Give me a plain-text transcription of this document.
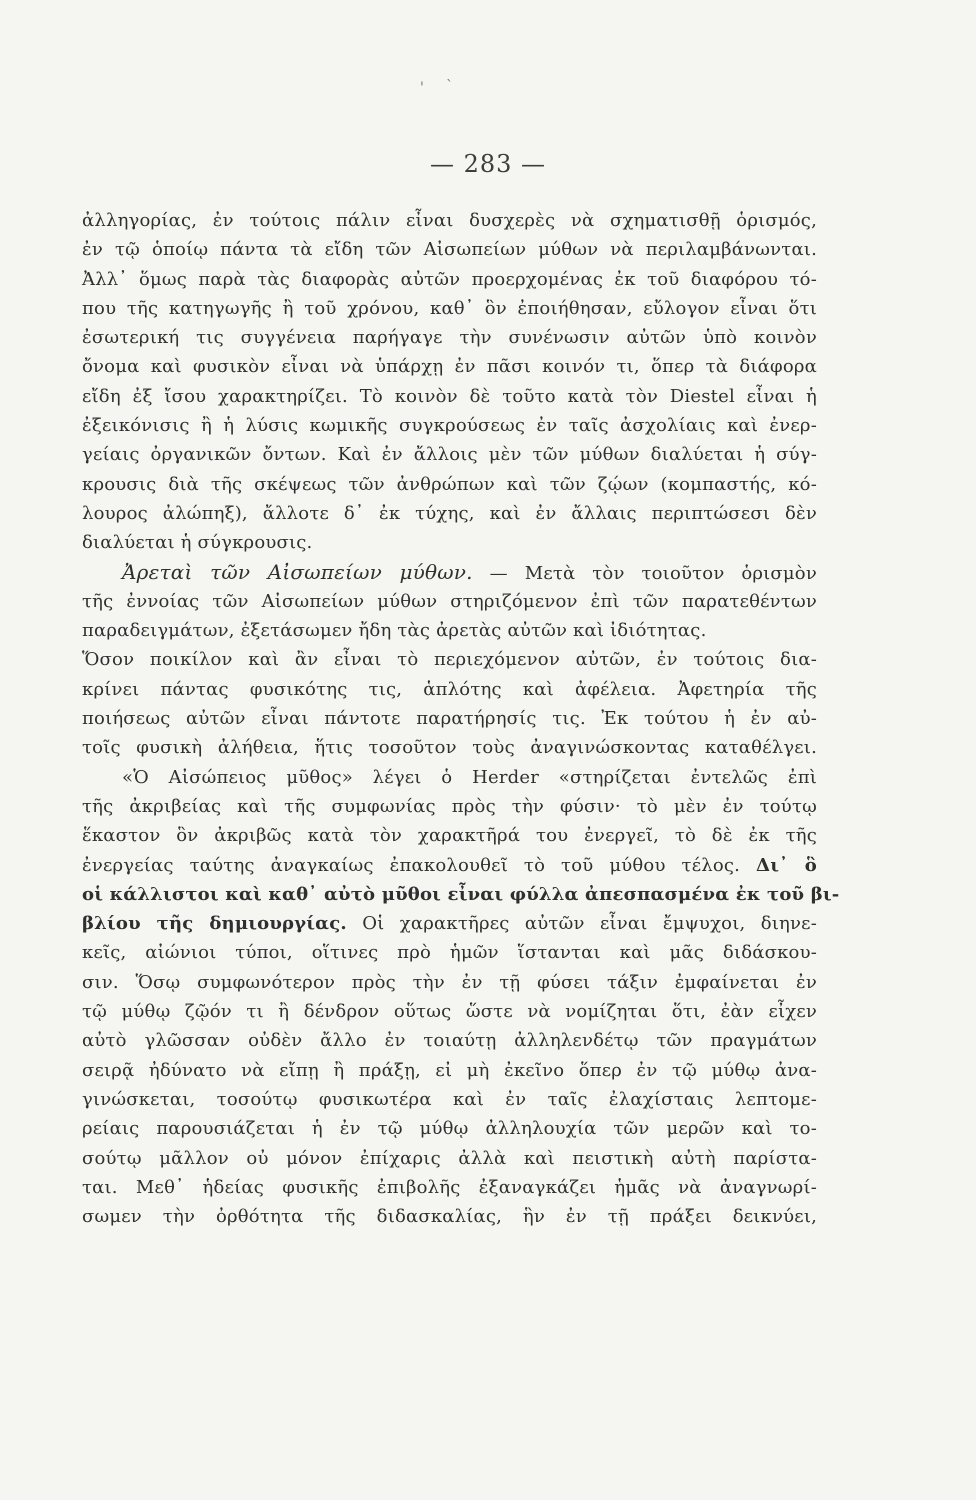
ˎ
'
— 283 —
ἀλληγορίας, ἐν τούτοις πάλιν εἶναι δυσχερὲς νὰ σχηματισθῇ ὁρισμός,
ἐν τῷ ὁποίῳ πάντα τὰ εἴδη τῶν Αἰσωπείων μύθων νὰ περιλαμβάνωνται.
Ἀλλ᾽ ὅμως παρὰ τὰς διαφορὰς αὐτῶν προερχομένας ἐκ τοῦ διαφόρου τό-
που τῆς κατηγωγῆς ἢ τοῦ χρόνου, καθ᾽ ὃν ἐποιήθησαν, εὔλογον εἶναι ὅτι
ἐσωτερική τις συγγένεια παρήγαγε τὴν συνένωσιν αὐτῶν ὑπὸ κοινὸν
ὄνομα καὶ φυσικὸν εἶναι νὰ ὑπάρχῃ ἐν πᾶσι κοινόν τι, ὅπερ τὰ διάφορα
εἴδη ἐξ ἴσου χαρακτηρίζει. Τὸ κοινὸν δὲ τοῦτο κατὰ τὸν Diestel εἶναι ἡ
ἐξεικόνισις ἢ ἡ λύσις κωμικῆς συγκρούσεως ἐν ταῖς ἀσχολίαις καὶ ἐνερ-
γείαις ὀργανικῶν ὄντων. Καὶ ἐν ἄλλοις μὲν τῶν μύθων διαλύεται ἡ σύγ-
κρουσις διὰ τῆς σκέψεως τῶν ἀνθρώπων καὶ τῶν ζῴων (κομπαστής, κό-
λουρος ἀλώπηξ), ἄλλοτε δ᾽ ἐκ τύχης, καὶ ἐν ἄλλαις περιπτώσεσι δὲν
διαλύεται ἡ σύγκρουσις.
Ἀρεταὶ τῶν Αἰσωπείων μύθων. — Μετὰ τὸν τοιοῦτον ὁρισμὸν
τῆς ἐννοίας τῶν Αἰσωπείων μύθων στηριζόμενον ἐπὶ τῶν παρατεθέντων
παραδειγμάτων, ἐξετάσωμεν ἤδη τὰς ἀρετὰς αὐτῶν καὶ ἰδιότητας.
Ὅσον ποικίλον καὶ ἂν εἶναι τὸ περιεχόμενον αὐτῶν, ἐν τούτοις δια-
κρίνει πάντας φυσικότης τις, ἁπλότης καὶ ἀφέλεια. Ἀφετηρία τῆς
ποιήσεως αὐτῶν εἶναι πάντοτε παρατήρησίς τις. Ἐκ τούτου ἡ ἐν αὐ-
τοῖς φυσικὴ ἀλήθεια, ἥτις τοσοῦτον τοὺς ἀναγινώσκοντας καταθέλγει.
«Ὁ Αἰσώπειος μῦθος» λέγει ὁ Herder «στηρίζεται ἐντελῶς ἐπὶ
τῆς ἀκριβείας καὶ τῆς συμφωνίας πρὸς τὴν φύσιν· τὸ μὲν ἐν τούτῳ
ἕκαστον ὃν ἀκριβῶς κατὰ τὸν χαρακτῆρά του ἐνεργεῖ, τὸ δὲ ἐκ τῆς
ἐνεργείας ταύτης ἀναγκαίως ἐπακολουθεῖ τὸ τοῦ μύθου τέλος. Δι᾽ ὃ
οἱ κάλλιστοι καὶ καθ᾽ αὐτὸ μῦθοι εἶναι φύλλα ἀπεσπασμένα ἐκ τοῦ βι-
βλίου τῆς δημιουργίας. Οἱ χαρακτῆρες αὐτῶν εἶναι ἔμψυχοι, διηνε-
κεῖς, αἰώνιοι τύποι, οἵτινες πρὸ ἡμῶν ἵστανται καὶ μᾶς διδάσκου-
σιν. Ὅσῳ συμφωνότερον πρὸς τὴν ἐν τῇ φύσει τάξιν ἐμφαίνεται ἐν
τῷ μύθῳ ζῷόν τι ἢ δένδρον οὕτως ὥστε νὰ νομίζηται ὅτι, ἐὰν εἶχεν
αὐτὸ γλῶσσαν οὐδὲν ἄλλο ἐν τοιαύτῃ ἀλληλενδέτῳ τῶν πραγμάτων
σειρᾷ ἠδύνατο νὰ εἴπῃ ἢ πράξῃ, εἰ μὴ ἐκεῖνο ὅπερ ἐν τῷ μύθῳ ἀνα-
γινώσκεται, τοσούτῳ φυσικωτέρα καὶ ἐν ταῖς ἐλαχίσταις λεπτομε-
ρείαις παρουσιάζεται ἡ ἐν τῷ μύθῳ ἀλληλουχία τῶν μερῶν καὶ το-
σούτῳ μᾶλλον οὐ μόνον ἐπίχαρις ἀλλὰ καὶ πειστικὴ αὐτὴ παρίστα-
ται. Μεθ᾽ ἡδείας φυσικῆς ἐπιβολῆς ἐξαναγκάζει ἡμᾶς νὰ ἀναγνωρί-
σωμεν τὴν ὀρθότητα τῆς διδασκαλίας, ἣν ἐν τῇ πράξει δεικνύει,
